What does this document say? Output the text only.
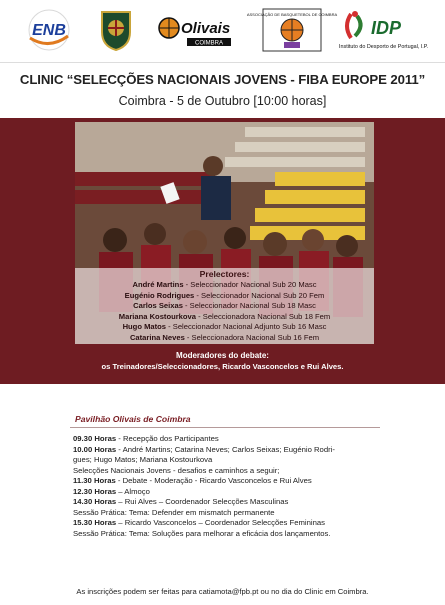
ENB	Olivais
COIMBRA
ASSOCIAÇÃO DE BASQUETEBOL DE COIMBRA
IDP
Instituto do Desporto de Portugal, I.P.
CLINIC “SELECÇÕES NACIONAIS JOVENS - FIBA EUROPE 2011”
Coimbra - 5 de Outubro [10:00 horas]
Prelectores:
André Martins - Seleccionador Nacional Sub 20 Masc
Eugénio Rodrigues - Seleccionador Nacional Sub 20 Fem
Carlos Seixas - Seleccionador Nacional Sub 18 Masc
Mariana Kostourkova - Seleccionadora Nacional Sub 18 Fem
Hugo Matos - Seleccionador Nacional Adjunto Sub 16 Masc
Catarina Neves - Seleccionadora Nacional Sub 16 Fem
Moderadores do debate:
os Treinadores/Seleccionadores, Ricardo Vasconcelos e Rui Alves.
Pavilhão Olivais de Coimbra
09.30 Horas - Recepção dos Participantes
10.00 Horas - André Martins; Catarina Neves; Carlos Seixas; Eugénio Rodri-
gues; Hugo Matos; Mariana Kostourkova
Selecções Nacionais Jovens - desafios e caminhos a seguir;
11.30 Horas - Debate - Moderação - Ricardo Vasconcelos e Rui Alves
12.30 Horas – Almoço
14.30 Horas – Rui Alves – Coordenador Selecções Masculinas
Sessão Prática: Tema: Defender em mismatch permanente
15.30 Horas – Ricardo Vasconcelos – Coordenador Selecções Femininas
Sessão Prática: Tema: Soluções para melhorar a eficácia dos lançamentos.
As inscrições podem ser feitas para catiamota@fpb.pt ou no dia do Clinic em Coimbra.
